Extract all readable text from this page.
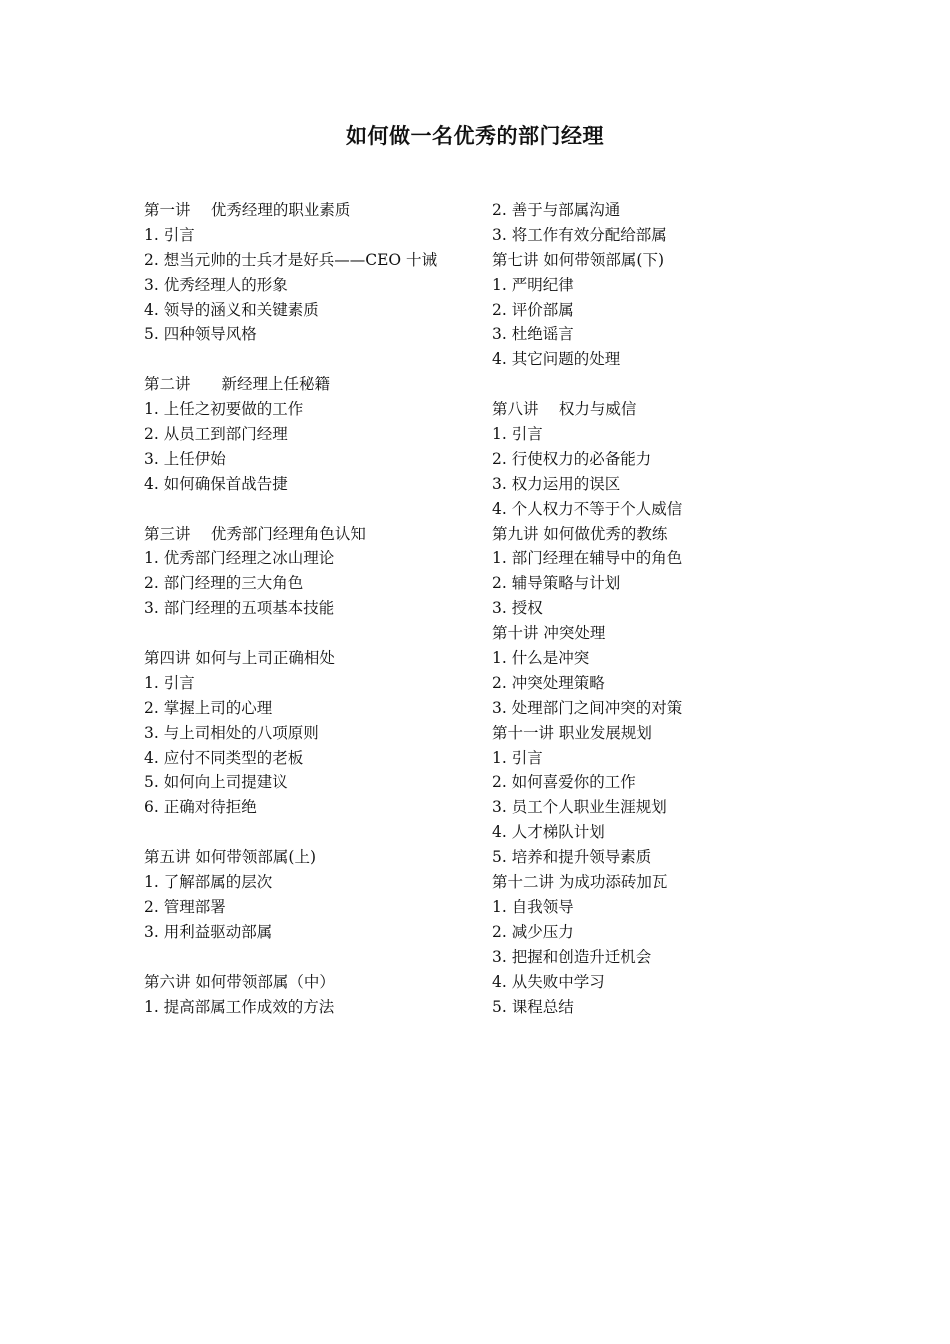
如何做一名优秀的部门经理
第一讲　 优秀经理的职业素质
1. 引言
2. 想当元帅的士兵才是好兵——CEO 十诫
3. 优秀经理人的形象
4. 领导的涵义和关键素质
5. 四种领导风格
第二讲　　新经理上任秘籍
1. 上任之初要做的工作
2. 从员工到部门经理
3. 上任伊始
4. 如何确保首战告捷
第三讲　 优秀部门经理角色认知
1. 优秀部门经理之冰山理论
2. 部门经理的三大角色
3. 部门经理的五项基本技能
第四讲 如何与上司正确相处
1. 引言
2. 掌握上司的心理
3. 与上司相处的八项原则
4. 应付不同类型的老板
5. 如何向上司提建议
6. 正确对待拒绝
第五讲 如何带领部属(上)
1. 了解部属的层次
2. 管理部署
3. 用利益驱动部属
第六讲 如何带领部属（中）
1. 提高部属工作成效的方法
2. 善于与部属沟通
3. 将工作有效分配给部属
第七讲 如何带领部属(下)
1. 严明纪律
2. 评价部属
3. 杜绝谣言
4. 其它问题的处理
第八讲　 权力与威信
1. 引言
2. 行使权力的必备能力
3. 权力运用的误区
4. 个人权力不等于个人威信
第九讲 如何做优秀的教练
1. 部门经理在辅导中的角色
2. 辅导策略与计划
3. 授权
第十讲 冲突处理
1. 什么是冲突
2. 冲突处理策略
3. 处理部门之间冲突的对策
第十一讲 职业发展规划
1. 引言
2. 如何喜爱你的工作
3. 员工个人职业生涯规划
4. 人才梯队计划
5. 培养和提升领导素质
第十二讲 为成功添砖加瓦
1. 自我领导
2. 减少压力
3. 把握和创造升迁机会
4. 从失败中学习
5. 课程总结
